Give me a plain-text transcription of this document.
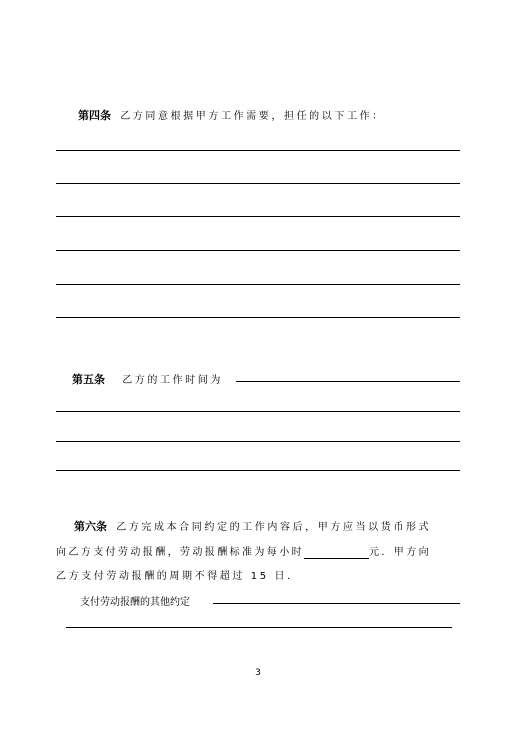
第四条 乙方同意根据甲方工作需要，担任的以下工作：
第五条 乙方的工作时间为
第六条 乙方完成本合同约定的工作内容后，甲方应当以货币形式
向乙方支付劳动报酬，劳动报酬标准为每小时	元．甲方向
乙方支付劳动报酬的周期不得超过 15 日．
支付劳动报酬的其他约定
3
